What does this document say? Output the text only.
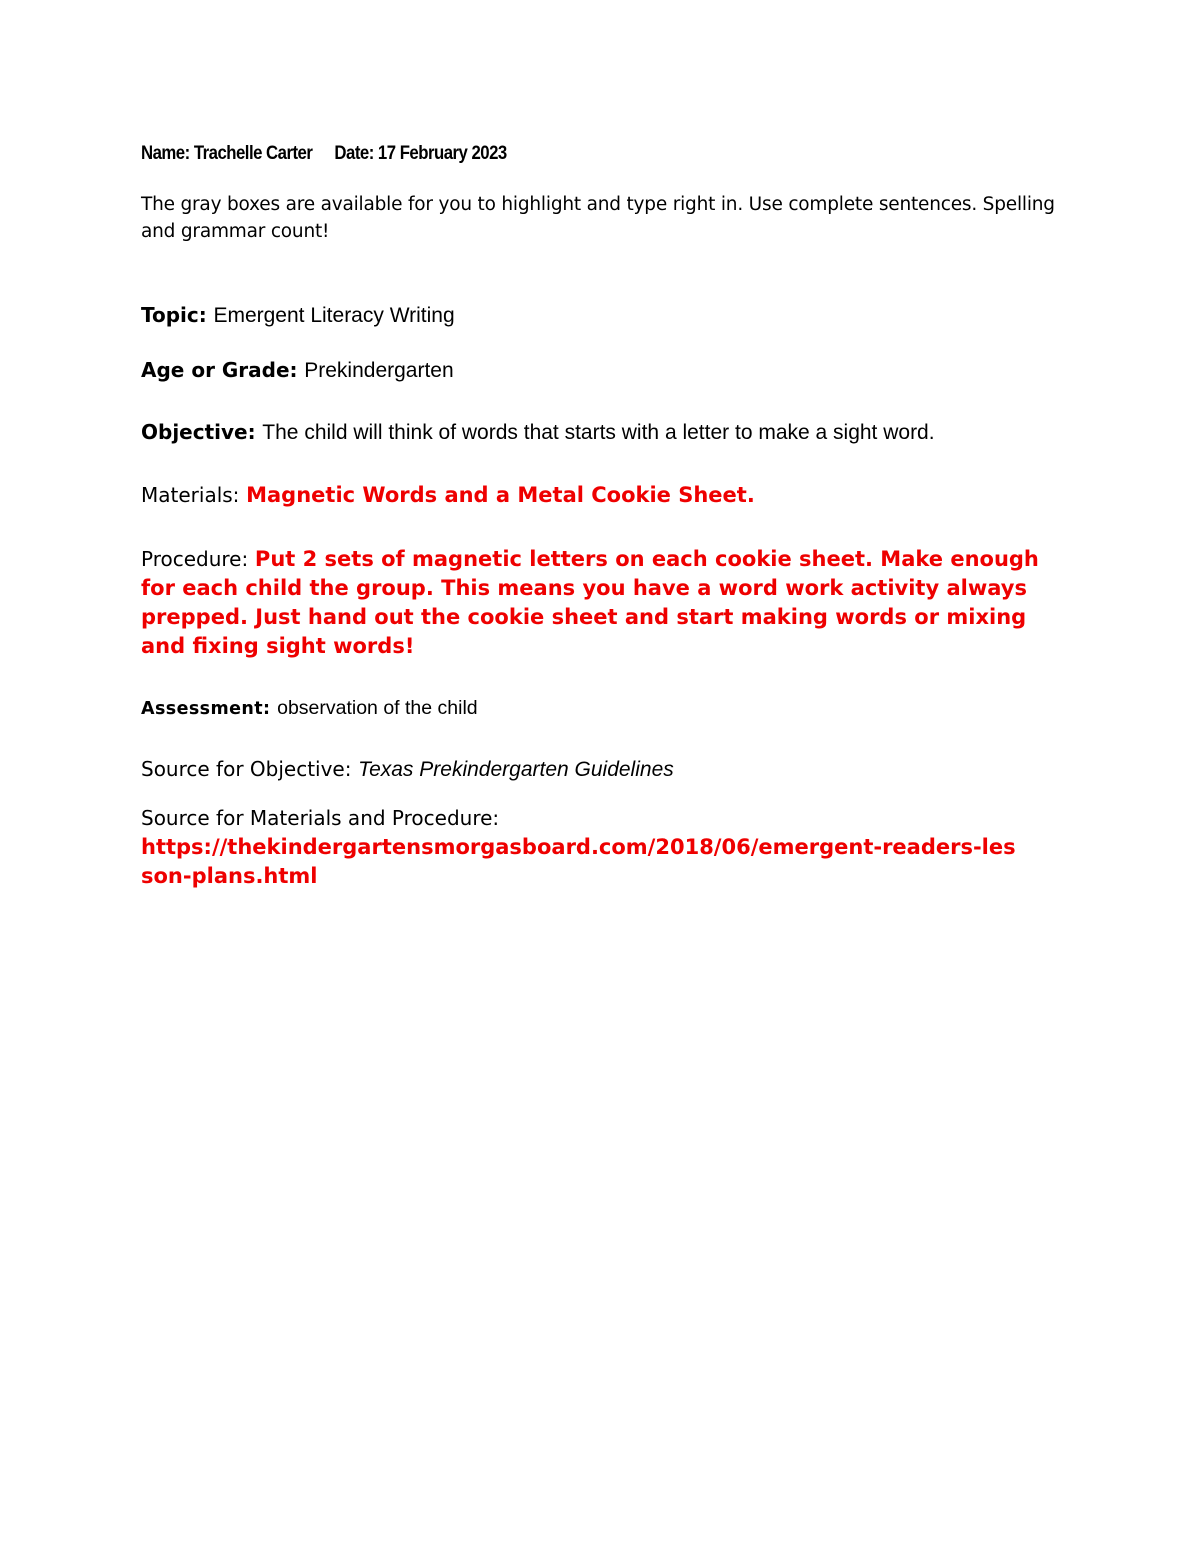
Name: Trachelle Carter Date: 17 February 2023
The gray boxes are available for you to highlight and type right in. Use complete sentences. Spelling and grammar count!
Topic: Emergent Literacy Writing
Age or Grade: Prekindergarten
Objective: The child will think of words that starts with a letter to make a sight word.
Materials: Magnetic Words and a Metal Cookie Sheet.
Procedure: Put 2 sets of magnetic letters on each cookie sheet. Make enough for each child the group. This means you have a word work activity always prepped. Just hand out the cookie sheet and start making words or mixing and fixing sight words!
Assessment: observation of the child
Source for Objective: Texas Prekindergarten Guidelines
Source for Materials and Procedure:
https://thekindergartensmorgasboard.com/2018/06/emergent-readers-lesson-plans.html
